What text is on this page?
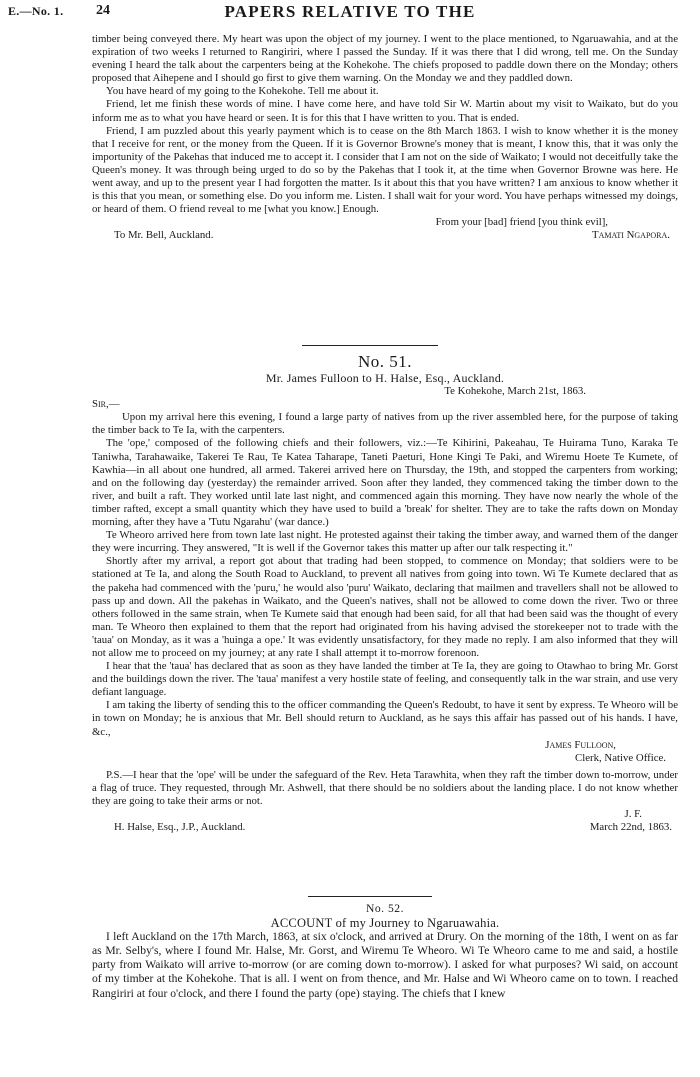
E.—No. 1. 24	PAPERS RELATIVE TO THE

timber being conveyed there. My heart was upon the object of my journey. I went to the place mentioned, to Ngaruawahia, and at the expiration of two weeks I returned to Rangiriri, where I passed the Sunday. If it was there that I did wrong, tell me. On the Sunday evening I heard the talk about the carpenters being at the Kohekohe. The chiefs proposed to paddle down there on the Monday; others proposed that Aihepene and I should go first to give them warning. On the Monday we and they paddled down.

You have heard of my going to the Kohekohe. Tell me about it.

Friend, let me finish these words of mine. I have come here, and have told Sir W. Martin about my visit to Waikato, but do you inform me as to what you have heard or seen. It is for this that I have written to you. That is ended.

Friend, I am puzzled about this yearly payment which is to cease on the 8th March 1863. I wish to know whether it is the money that I receive for rent, or the money from the Queen. If it is Governor Browne's money that is meant, I know this, that it was only the importunity of the Pakehas that induced me to accept it. I consider that I am not on the side of Waikato; I would not deceitfully take the Queen's money. It was through being urged to do so by the Pakehas that I took it, at the time when Governor Browne was here. He went away, and up to the present year I had forgotten the matter. Is it about this that you have written? I am anxious to know whether it is this that you mean, or something else. Do you inform me. Listen. I shall wait for your word. You have perhaps witnessed my doings, or heard of them. O friend reveal to me [what you know.] Enough.

From your [bad] friend [you think evil],

To Mr. Bell, Auckland.	Tamati Ngapora.

No. 51.

Mr. James Fulloon to H. Halse, Esq., Auckland.

Te Kohekohe, March 21st, 1863.

Sir,—

Upon my arrival here this evening, I found a large party of natives from up the river assembled here, for the purpose of taking the timber back to Te Ia, with the carpenters.

The 'ope,' composed of the following chiefs and their followers, viz.:—Te Kihirini, Pakeahau, Te Huirama Tuno, Karaka Te Taniwha, Tarahawaike, Takerei Te Rau, Te Katea Taharape, Taneti Paeturi, Hone Kingi Te Paki, and Wiremu Hoete Te Kumete, of Kawhia—in all about one hundred, all armed. Takerei arrived here on Thursday, the 19th, and stopped the carpenters from working; and on the following day (yesterday) the remainder arrived. Soon after they landed, they commenced taking the timber down to the river, and built a raft. They worked until late last night, and commenced again this morning. They have now nearly the whole of the timber rafted, except a small quantity which they have used to build a 'break' for shelter. They are to take the rafts down on Monday morning, after they have a 'Tutu Ngarahu' (war dance.)

Te Wheoro arrived here from town late last night. He protested against their taking the timber away, and warned them of the danger they were incurring. They answered, "It is well if the Governor takes this matter up after our talk respecting it."

Shortly after my arrival, a report got about that trading had been stopped, to commence on Monday; that soldiers were to be stationed at Te Ia, and along the South Road to Auckland, to prevent all natives from going into town. Wi Te Kumete declared that as the pakeha had commenced with the 'puru,' he would also 'puru' Waikato, declaring that mailmen and travellers shall not be allowed to pass up and down. All the pakehas in Waikato, and the Queen's natives, shall not be allowed to come down the river. Two or three others followed in the same strain, when Te Kumete said that enough had been said, for all that had been said was the thought of every man. Te Wheoro then explained to them that the report had originated from his having advised the storekeeper not to trade with the 'taua' on Monday, as it was a 'huinga a ope.' It was evidently unsatisfactory, for they made no reply. I am also informed that they will not allow me to proceed on my journey; at any rate I shall attempt it to-morrow forenoon.

I hear that the 'taua' has declared that as soon as they have landed the timber at Te Ia, they are going to Otawhao to bring Mr. Gorst and the buildings down the river. The 'taua' manifest a very hostile state of feeling, and consequently talk in the war strain, and use very defiant language.

I am taking the liberty of sending this to the officer commanding the Queen's Redoubt, to have it sent by express. Te Wheoro will be in town on Monday; he is anxious that Mr. Bell should return to Auckland, as he says this affair has passed out of his hands. I have, &c.,

James Fulloon,

Clerk, Native Office.

P.S.—I hear that the 'ope' will be under the safeguard of the Rev. Heta Tarawhita, when they raft the timber down to-morrow, under a flag of truce. They requested, through Mr. Ashwell, that there should be no soldiers about the landing place. I do not know whether they are going to take their arms or not.

J. F.

H. Halse, Esq., J.P., Auckland.	March 22nd, 1863.

No. 52.

ACCOUNT of my Journey to Ngaruawahia.

I left Auckland on the 17th March, 1863, at six o'clock, and arrived at Drury. On the morning of the 18th, I went on as far as Mr. Selby's, where I found Mr. Halse, Mr. Gorst, and Wiremu Te Wheoro. Wi Te Wheoro came to me and said, a hostile party from Waikato will arrive to-morrow (or are coming down to-morrow). I asked for what purposes? Wi said, on account of my timber at the Kohekohe. That is all. I went on from thence, and Mr. Halse and Wi Wheoro came on to town. I reached Rangiriri at four o'clock, and there I found the party (ope) staying. The chiefs that I knew
